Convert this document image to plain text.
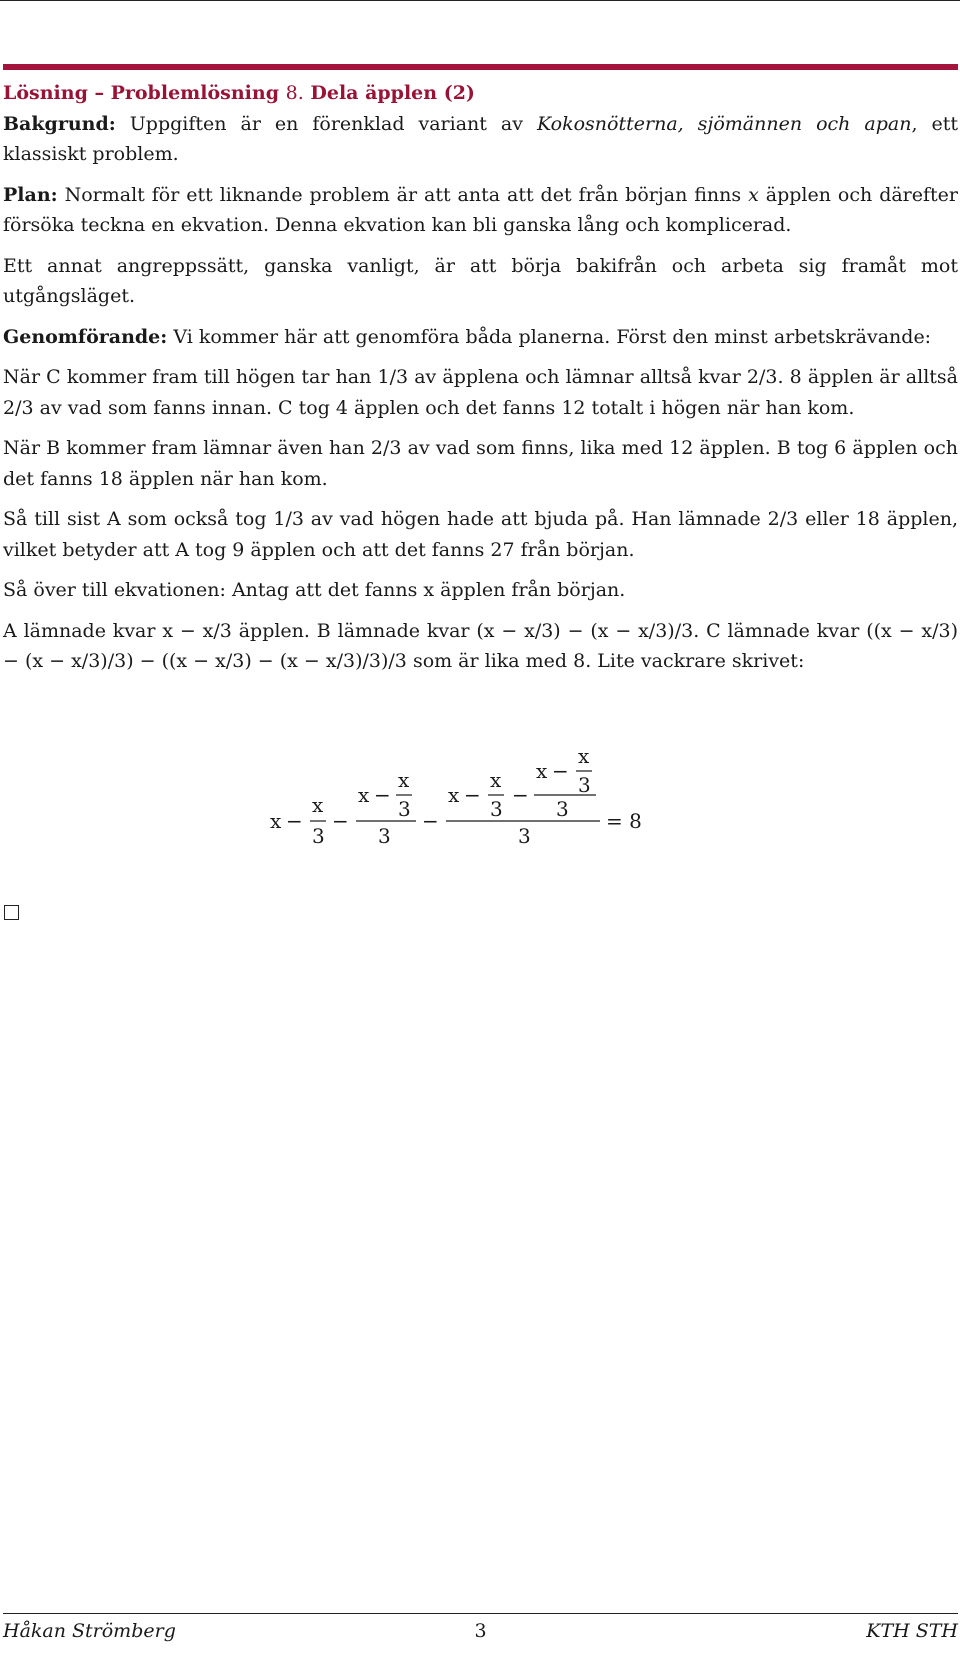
Lösning – Problemlösning 8. Dela äpplen (2)
Bakgrund: Uppgiften är en förenklad variant av Kokosnötterna, sjömännen och apan, ett klassiskt problem.

Plan: Normalt för ett liknande problem är att anta att det från början finns x äpplen och därefter försöka teckna en ekvation. Denna ekvation kan bli ganska lång och komplicerad.

Ett annat angreppssätt, ganska vanligt, är att börja bakifrån och arbeta sig framåt mot utgångsläget.

Genomförande: Vi kommer här att genomföra båda planerna. Först den minst arbetskrävande:

När C kommer fram till högen tar han 1/3 av äpplena och lämnar alltså kvar 2/3. 8 äpplen är alltså 2/3 av vad som fanns innan. C tog 4 äpplen och det fanns 12 totalt i högen när han kom.

När B kommer fram lämnar även han 2/3 av vad som finns, lika med 12 äpplen. B tog 6 äpplen och det fanns 18 äpplen när han kom.

Så till sist A som också tog 1/3 av vad högen hade att bjuda på. Han lämnade 2/3 eller 18 äpplen, vilket betyder att A tog 9 äpplen och att det fanns 27 från början.

Så över till ekvationen: Antag att det fanns x äpplen från början.

A lämnade kvar x − x/3 äpplen. B lämnade kvar (x − x/3) − (x − x/3)/3. C lämnade kvar ((x − x/3) − (x − x/3)/3) − ((x − x/3) − (x − x/3)/3)/3 som är lika med 8. Lite vackrare skrivet:

x −
x
3
−
x −
x
3
3
−
x −
x
3
−
x −
x
3
3
3
= 8
Håkan Strömberg	3	KTH STH
